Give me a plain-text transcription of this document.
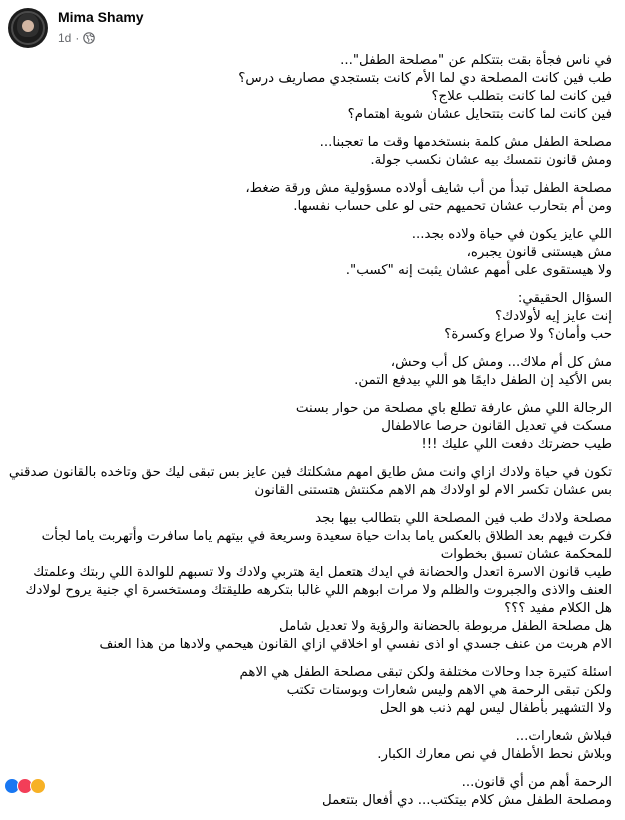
Mima Shamy
1d ·
في ناس فجأة بقت بتتكلم عن "مصلحة الطفل"...
طب فين كانت المصلحة دي لما الأم كانت بتستجدي مصاريف درس؟
فين كانت لما كانت بتطلب علاج؟
فين كانت لما كانت بتتحايل عشان شوية اهتمام؟
مصلحة الطفل مش كلمة بنستخدمها وقت ما تعجبنا...
ومش قانون نتمسك بيه عشان نكسب جولة.
مصلحة الطفل تبدأ من أب شايف أولاده مسؤولية مش ورقة ضغط،
ومن أم بتحارب عشان تحميهم حتى لو على حساب نفسها.
اللي عايز يكون في حياة ولاده بجد...
مش هيستنى قانون يجبره،
ولا هيستقوى على أمهم عشان يثبت إنه "كسب".
السؤال الحقيقي:
إنت عايز إيه لأولادك؟
حب وأمان؟ ولا صراع وكسرة؟
مش كل أم ملاك... ومش كل أب وحش،
بس الأكيد إن الطفل دايمًا هو اللي بيدفع التمن.
الرجالة اللي مش عارفة تطلع باي مصلحة من حوار بسنت
مسكت في تعديل القانون حرصا عالاطفال
طيب حضرتك دفعت اللي عليك !!!
تكون في حياة ولادك ازاي وانت مش طايق امهم مشكلتك فين عايز بس تبقى ليك حق وتاخده بالقانون صدقني
بس عشان تكسر الام لو اولادك هم الاهم مكنتش هتستنى القانون
مصلحة ولادك طب فين المصلحة اللي بتطالب بيها بجد
فكرت فيهم بعد الطلاق بالعكس ياما بدات حياة سعيدة وسريعة في بيتهم ياما سافرت وأتهربت ياما لجأت
للمحكمة عشان تسبق بخطوات
طيب قانون الاسرة اتعدل والحضانة في ايدك هتعمل اية هتربي ولادك ولا تسبهم للوالدة اللي ربتك وعلمتك
العنف والاذى والجبروت والظلم ولا مرات ابوهم اللي غالبا بتكرهه طليقتك ومستخسرة اي جنية يروح لولادك
هل الكلام مفيد ؟؟؟
هل مصلحة الطفل مربوطة بالحضانة والرؤية ولا تعديل شامل
الام هربت من عنف جسدي او اذى نفسي او اخلاقي ازاي القانون هيحمي ولادها من هذا العنف
اسئلة كتيرة جدا وحالات مختلفة ولكن تبقى مصلحة الطفل هي الاهم
ولكن تبقى الرحمة هي الاهم وليس شعارات وبوستات تكتب
ولا التشهير بأطفال ليس لهم ذنب هو الحل
فبلاش شعارات...
وبلاش نحط الأطفال في نص معارك الكبار.
الرحمة أهم من أي قانون...
ومصلحة الطفل مش كلام بيتكتب... دي أفعال بتتعمل
